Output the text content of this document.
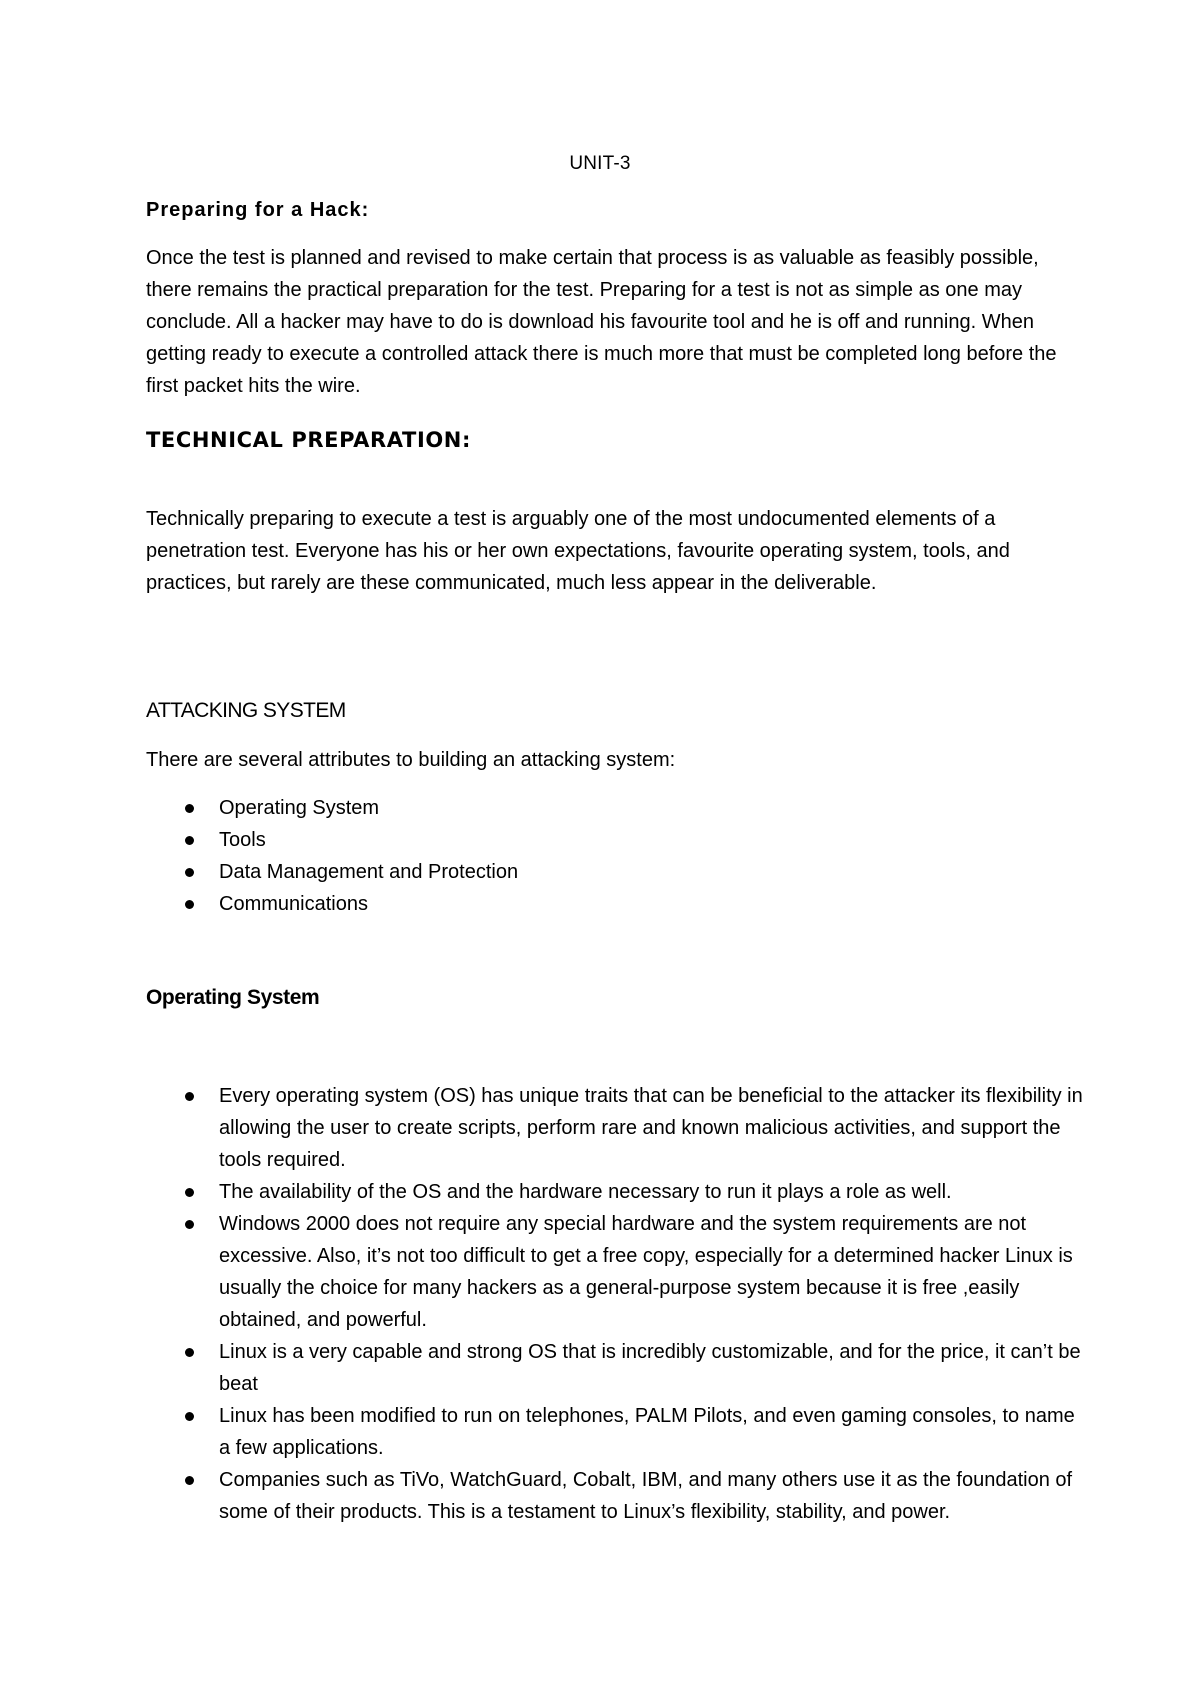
UNIT-3
Preparing for a Hack:
Once the test is planned and revised to make certain that process is as valuable as feasibly possible, there remains the practical preparation for the test. Preparing for a test is not as simple as one may conclude. All a hacker may have to do is download his favourite tool and he is off and running. When getting ready to execute a controlled attack there is much more that must be completed long before the first packet hits the wire.
TECHNICAL PREPARATION:
Technically preparing to execute a test is arguably one of the most undocumented elements of a penetration test. Everyone has his or her own expectations, favourite operating system, tools, and practices, but rarely are these communicated, much less appear in the deliverable.
ATTACKING SYSTEM
There are several attributes to building an attacking system:
Operating System
Tools
Data Management and Protection
Communications
Operating System
Every operating system (OS) has unique traits that can be beneficial to the attacker its flexibility in allowing the user to create scripts, perform rare and known malicious activities, and support the tools required.
The availability of the OS and the hardware necessary to run it plays a role as well.
Windows 2000 does not require any special hardware and the system requirements are not excessive. Also, it’s not too difficult to get a free copy, especially for a determined hacker Linux is usually the choice for many hackers as a general-purpose system because it is free ,easily obtained, and powerful.
Linux is a very capable and strong OS that is incredibly customizable, and for the price, it can’t be beat
Linux has been modified to run on telephones, PALM Pilots, and even gaming consoles, to name a few applications.
Companies such as TiVo, WatchGuard, Cobalt, IBM, and many others use it as the foundation of some of their products. This is a testament to Linux’s flexibility, stability, and power.
